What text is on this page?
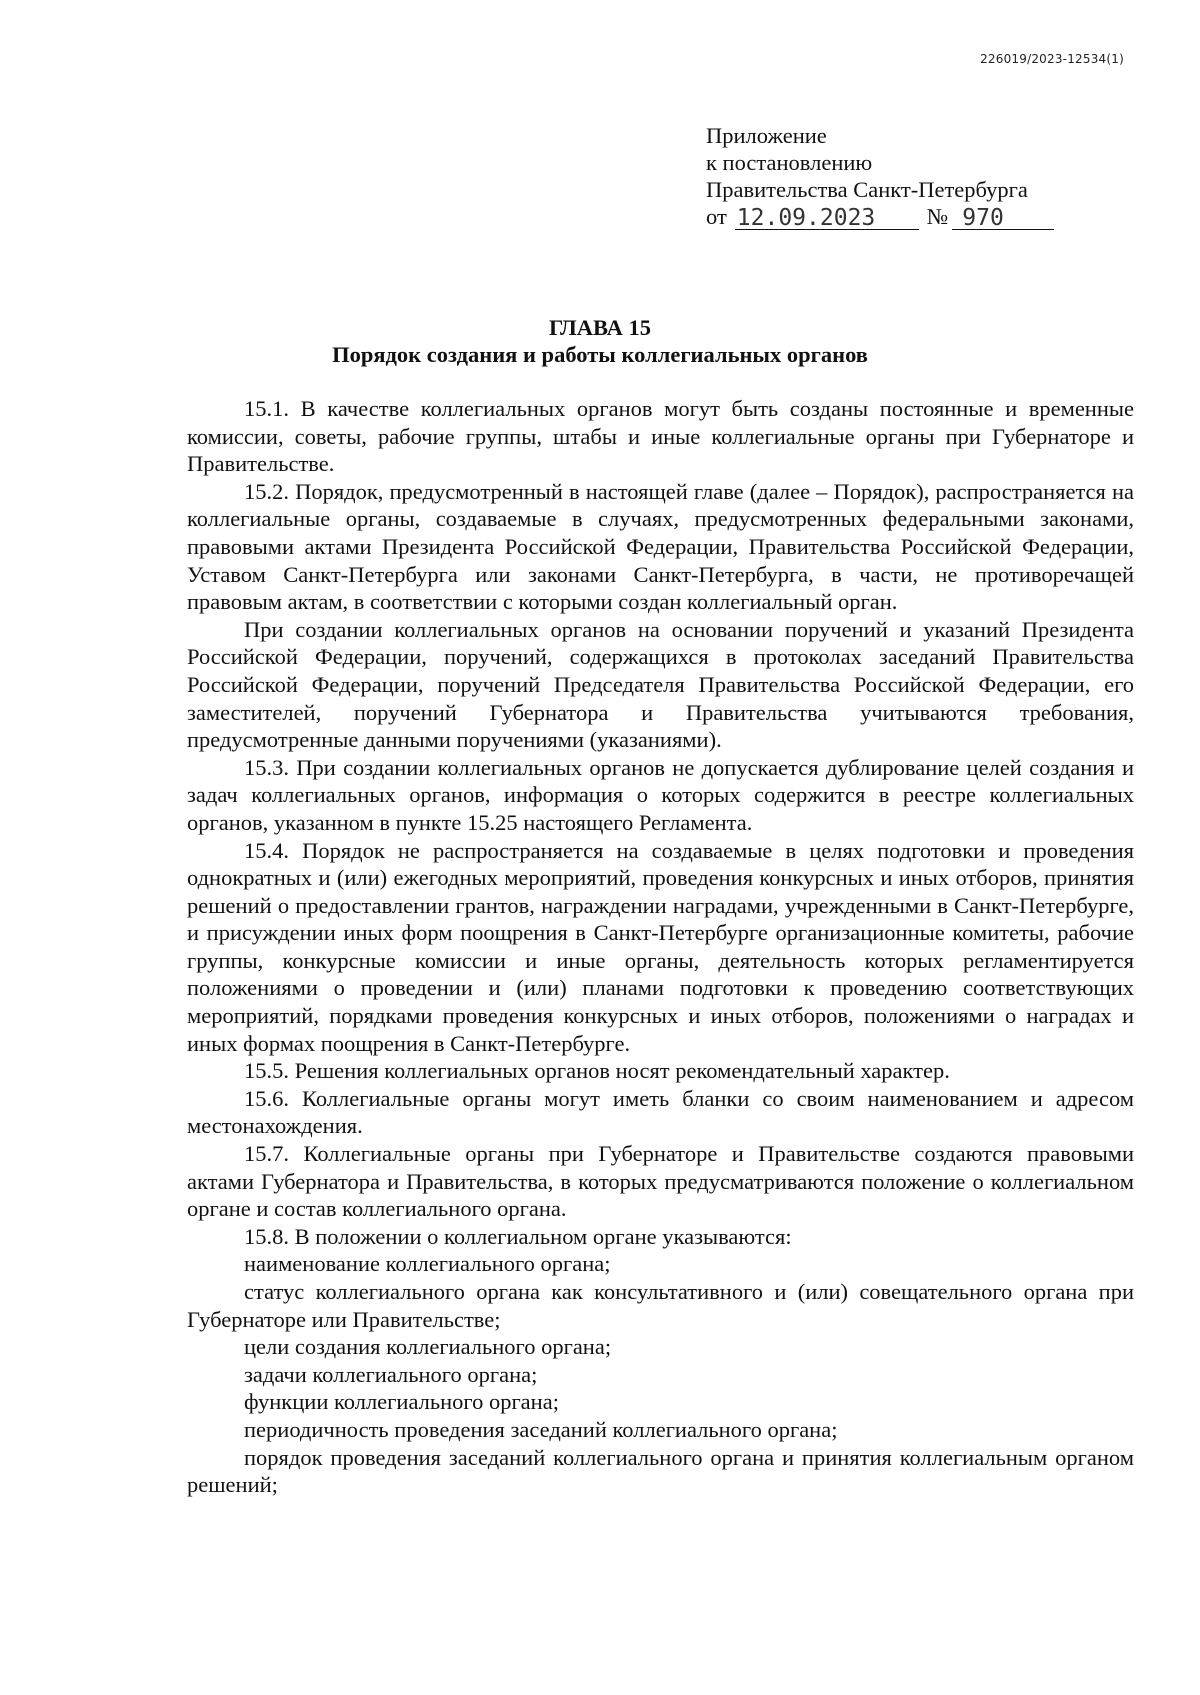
226019/2023-12534(1)
Приложение
к постановлению
Правительства Санкт-Петербурга
от 12.09.2023	№ 970
ГЛАВА 15
Порядок создания и работы коллегиальных органов

15.1. В качестве коллегиальных органов могут быть созданы постоянные и временные комиссии, советы, рабочие группы, штабы и иные коллегиальные органы при Губернаторе и Правительстве.

15.2. Порядок, предусмотренный в настоящей главе (далее – Порядок), распространяется на коллегиальные органы, создаваемые в случаях, предусмотренных федеральными законами, правовыми актами Президента Российской Федерации, Правительства Российской Федерации, Уставом Санкт-Петербурга или законами Санкт-Петербурга, в части, не противоречащей правовым актам, в соответствии с которыми создан коллегиальный орган.

При создании коллегиальных органов на основании поручений и указаний Президента Российской Федерации, поручений, содержащихся в протоколах заседаний Правительства Российской Федерации, поручений Председателя Правительства Российской Федерации, его заместителей, поручений Губернатора и Правительства учитываются требования, предусмотренные данными поручениями (указаниями).

15.3. При создании коллегиальных органов не допускается дублирование целей создания и задач коллегиальных органов, информация о которых содержится в реестре коллегиальных органов, указанном в пункте 15.25 настоящего Регламента.

15.4. Порядок не распространяется на создаваемые в целях подготовки и проведения однократных и (или) ежегодных мероприятий, проведения конкурсных и иных отборов, принятия решений о предоставлении грантов, награждении наградами, учрежденными в Санкт-Петербурге, и присуждении иных форм поощрения в Санкт-Петербурге организационные комитеты, рабочие группы, конкурсные комиссии и иные органы, деятельность которых регламентируется положениями о проведении и (или) планами подготовки к проведению соответствующих мероприятий, порядками проведения конкурсных и иных отборов, положениями о наградах и иных формах поощрения в Санкт-Петербурге.

15.5. Решения коллегиальных органов носят рекомендательный характер.

15.6. Коллегиальные органы могут иметь бланки со своим наименованием и адресом местонахождения.

15.7. Коллегиальные органы при Губернаторе и Правительстве создаются правовыми актами Губернатора и Правительства, в которых предусматриваются положение о коллегиальном органе и состав коллегиального органа.

15.8. В положении о коллегиальном органе указываются:

наименование коллегиального органа;

статус коллегиального органа как консультативного и (или) совещательного органа при Губернаторе или Правительстве;

цели создания коллегиального органа;

задачи коллегиального органа;

функции коллегиального органа;

периодичность проведения заседаний коллегиального органа;

порядок проведения заседаний коллегиального органа и принятия коллегиальным органом решений;
